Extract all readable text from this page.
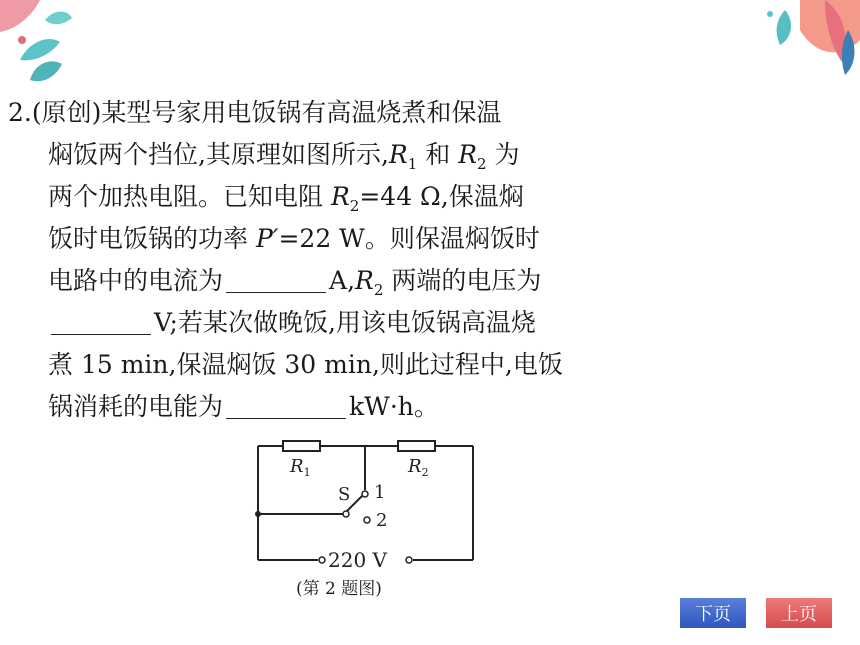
2.(原创)某型号家用电饭锅有高温烧煮和保温
焖饭两个挡位,其原理如图所示$,R_1$ 和 $R_2$ 为
两个加热电阻。已知电阻 $R_2=44$ Ω,保温焖
饭时电饭锅的功率 P′=22 W。则保温焖饭时
电路中的电流为	$A,R_2$ 两端的电压为
V;若某次做晚饭,用该电饭锅高温烧
煮 15 min,保温焖饭 30 min,则此过程中,电饭
锅消耗的电能为	kW·h。
$R_1$	$R_2$
S 1
2
220 V
(第 2 题图)
下页	上页
